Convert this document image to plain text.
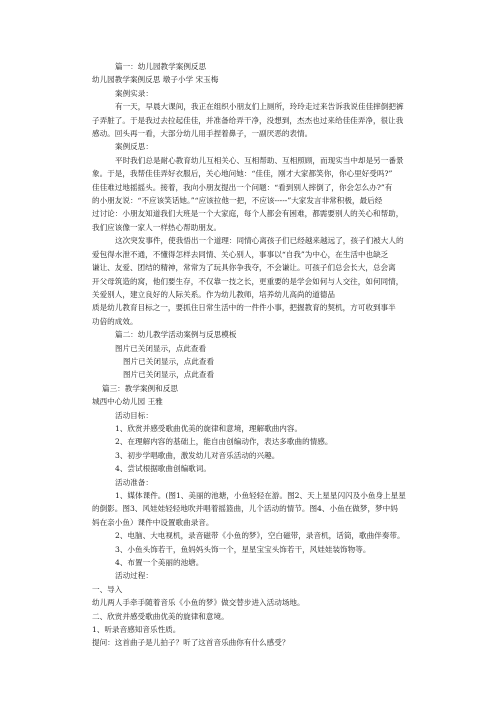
篇一：幼儿园教学案例反思
幼儿园教学案例反思 墩子小学 宋玉梅
案例实录：
有一天，早晨大课间，我正在组织小朋友们上厕所，玲玲走过来告诉我说佳佳摔倒把裤
子弄脏了。于是我过去拉起佳佳，并准备给弄干净，没想到，杰杰也过来给佳佳弄净，很让我
感动。回头再一看，大部分幼儿用手捏着鼻子，一副厌恶的表情。
案例反思：
平时我们总是耐心教育幼儿互相关心、互相帮助、互相照顾，而现实当中却是另一番景
象。于是，我帮佳佳弄好衣服后，关心地问她：“佳佳，刚才大家都笑你，你心里好受吗?”
佳佳难过地摇摇头。接着，我向小朋友提出一个问题：“看到别人摔倒了，你会怎么办?”有
的小朋友说：“不应该笑话她。”“应该拉他一把，不应该-----”大家发言非常积极，最后经
过讨论：小朋友知道我们大班是一个大家庭，每个人都会有困难，都需要别人的关心和帮助，
我们应该像一家人一样热心帮助朋友。
这次突发事件，使我悟出一个道理：同情心离孩子们已经越来越远了，孩子们被大人的
爱包得水泄不通，不懂得怎样去同情、关心别人，事事以“自我”为中心，在生活中也缺乏
谦让、友爱、团结的精神，常常为了玩具你争我夺，不会谦让。可孩子们总会长大，总会离
开父母筑造的窝，他们要生存，不仅靠一技之长，更重要的是学会如何与人交往，如何同情，
关爱别人，建立良好的人际关系。作为幼儿教师，培养幼儿高尚的道德品
质是幼儿教育目标之一，要抓住日常生活中的一件件小事，把握教育的契机，方可收到事半
功倍的成效。
篇二：幼儿教学活动案例与反思模板
图片已关闭显示，点此查看
图片已关闭显示，点此查看
图片已关闭显示，点此查看
篇三：教学案例和反思
城西中心幼儿园 王雅
活动目标：
1、欣赏并感受歌曲优美的旋律和意境，理解歌曲内容。
2、在理解内容的基础上，能自由创编动作，表达多歌曲的情感。
3、初步学唱歌曲，激发幼儿对音乐活动的兴趣。
4、尝试根据歌曲创编歌词。
活动准备：
1、媒体课件。(图1、美丽的池塘，小鱼轻轻在游。图2、天上星星闪闪及小鱼身上星星
的倒影。图3、风娃娃轻轻地吹并唱着摇篮曲，儿个活动的情节。图4、小鱼在做梦，梦中妈
妈在亲小鱼）课件中设置歌曲录音。
2、电脑、大电视机，录音磁带《小鱼的梦》，空白磁带，录音机，话筒，歌曲伴奏带。
3、小鱼头饰若干，鱼妈妈头饰一个，星星宝宝头饰若干，风娃娃装饰物等。
4、布置一个美丽的池塘。
活动过程：
一、导入
幼儿两人手牵手随着音乐《小鱼的梦》做交替步进入活动场地。
二、欣赏并感受歌曲优美的旋律和意境。
1、听录音感知音乐性质。
提问：这首曲子是儿拍子？听了这首音乐曲你有什么感受？
